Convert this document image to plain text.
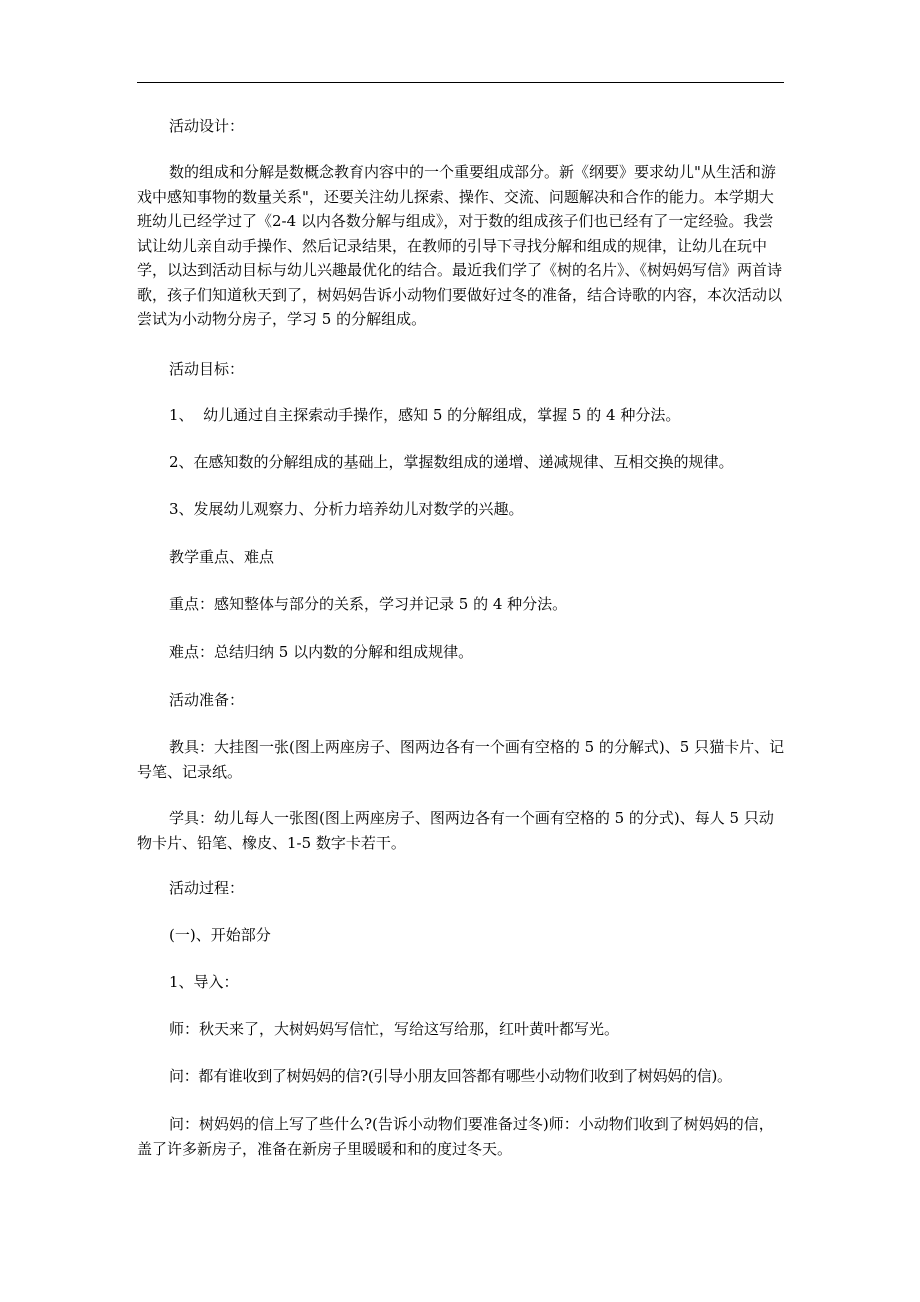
活动设计：

数的组成和分解是数概念教育内容中的一个重要组成部分。新《纲要》要求幼儿"从生活和游戏中感知事物的数量关系"，还要关注幼儿探索、操作、交流、问题解决和合作的能力。本学期大班幼儿已经学过了《2-4 以内各数分解与组成》，对于数的组成孩子们也已经有了一定经验。我尝试让幼儿亲自动手操作、然后记录结果，在教师的引导下寻找分解和组成的规律，让幼儿在玩中学，以达到活动目标与幼儿兴趣最优化的结合。最近我们学了《树的名片》、《树妈妈写信》两首诗歌，孩子们知道秋天到了，树妈妈告诉小动物们要做好过冬的准备，结合诗歌的内容，本次活动以尝试为小动物分房子，学习 5 的分解组成。

活动目标：

1、  幼儿通过自主探索动手操作，感知 5 的分解组成，掌握 5 的 4 种分法。

2、在感知数的分解组成的基础上，掌握数组成的递增、递减规律、互相交换的规律。

3、发展幼儿观察力、分析力培养幼儿对数学的兴趣。

教学重点、难点

重点：感知整体与部分的关系，学习并记录 5 的 4 种分法。

难点：总结归纳 5 以内数的分解和组成规律。

活动准备：

教具：大挂图一张(图上两座房子、图两边各有一个画有空格的 5 的分解式)、5 只猫卡片、记号笔、记录纸。

学具：幼儿每人一张图(图上两座房子、图两边各有一个画有空格的 5 的分式)、每人 5 只动物卡片、铅笔、橡皮、1-5 数字卡若干。

活动过程：

(一)、开始部分

1、导入：

师：秋天来了，大树妈妈写信忙，写给这写给那，红叶黄叶都写光。

问：都有谁收到了树妈妈的信?(引导小朋友回答都有哪些小动物们收到了树妈妈的信)。

问：树妈妈的信上写了些什么?(告诉小动物们要准备过冬)师：小动物们收到了树妈妈的信，盖了许多新房子，准备在新房子里暖暖和和的度过冬天。
